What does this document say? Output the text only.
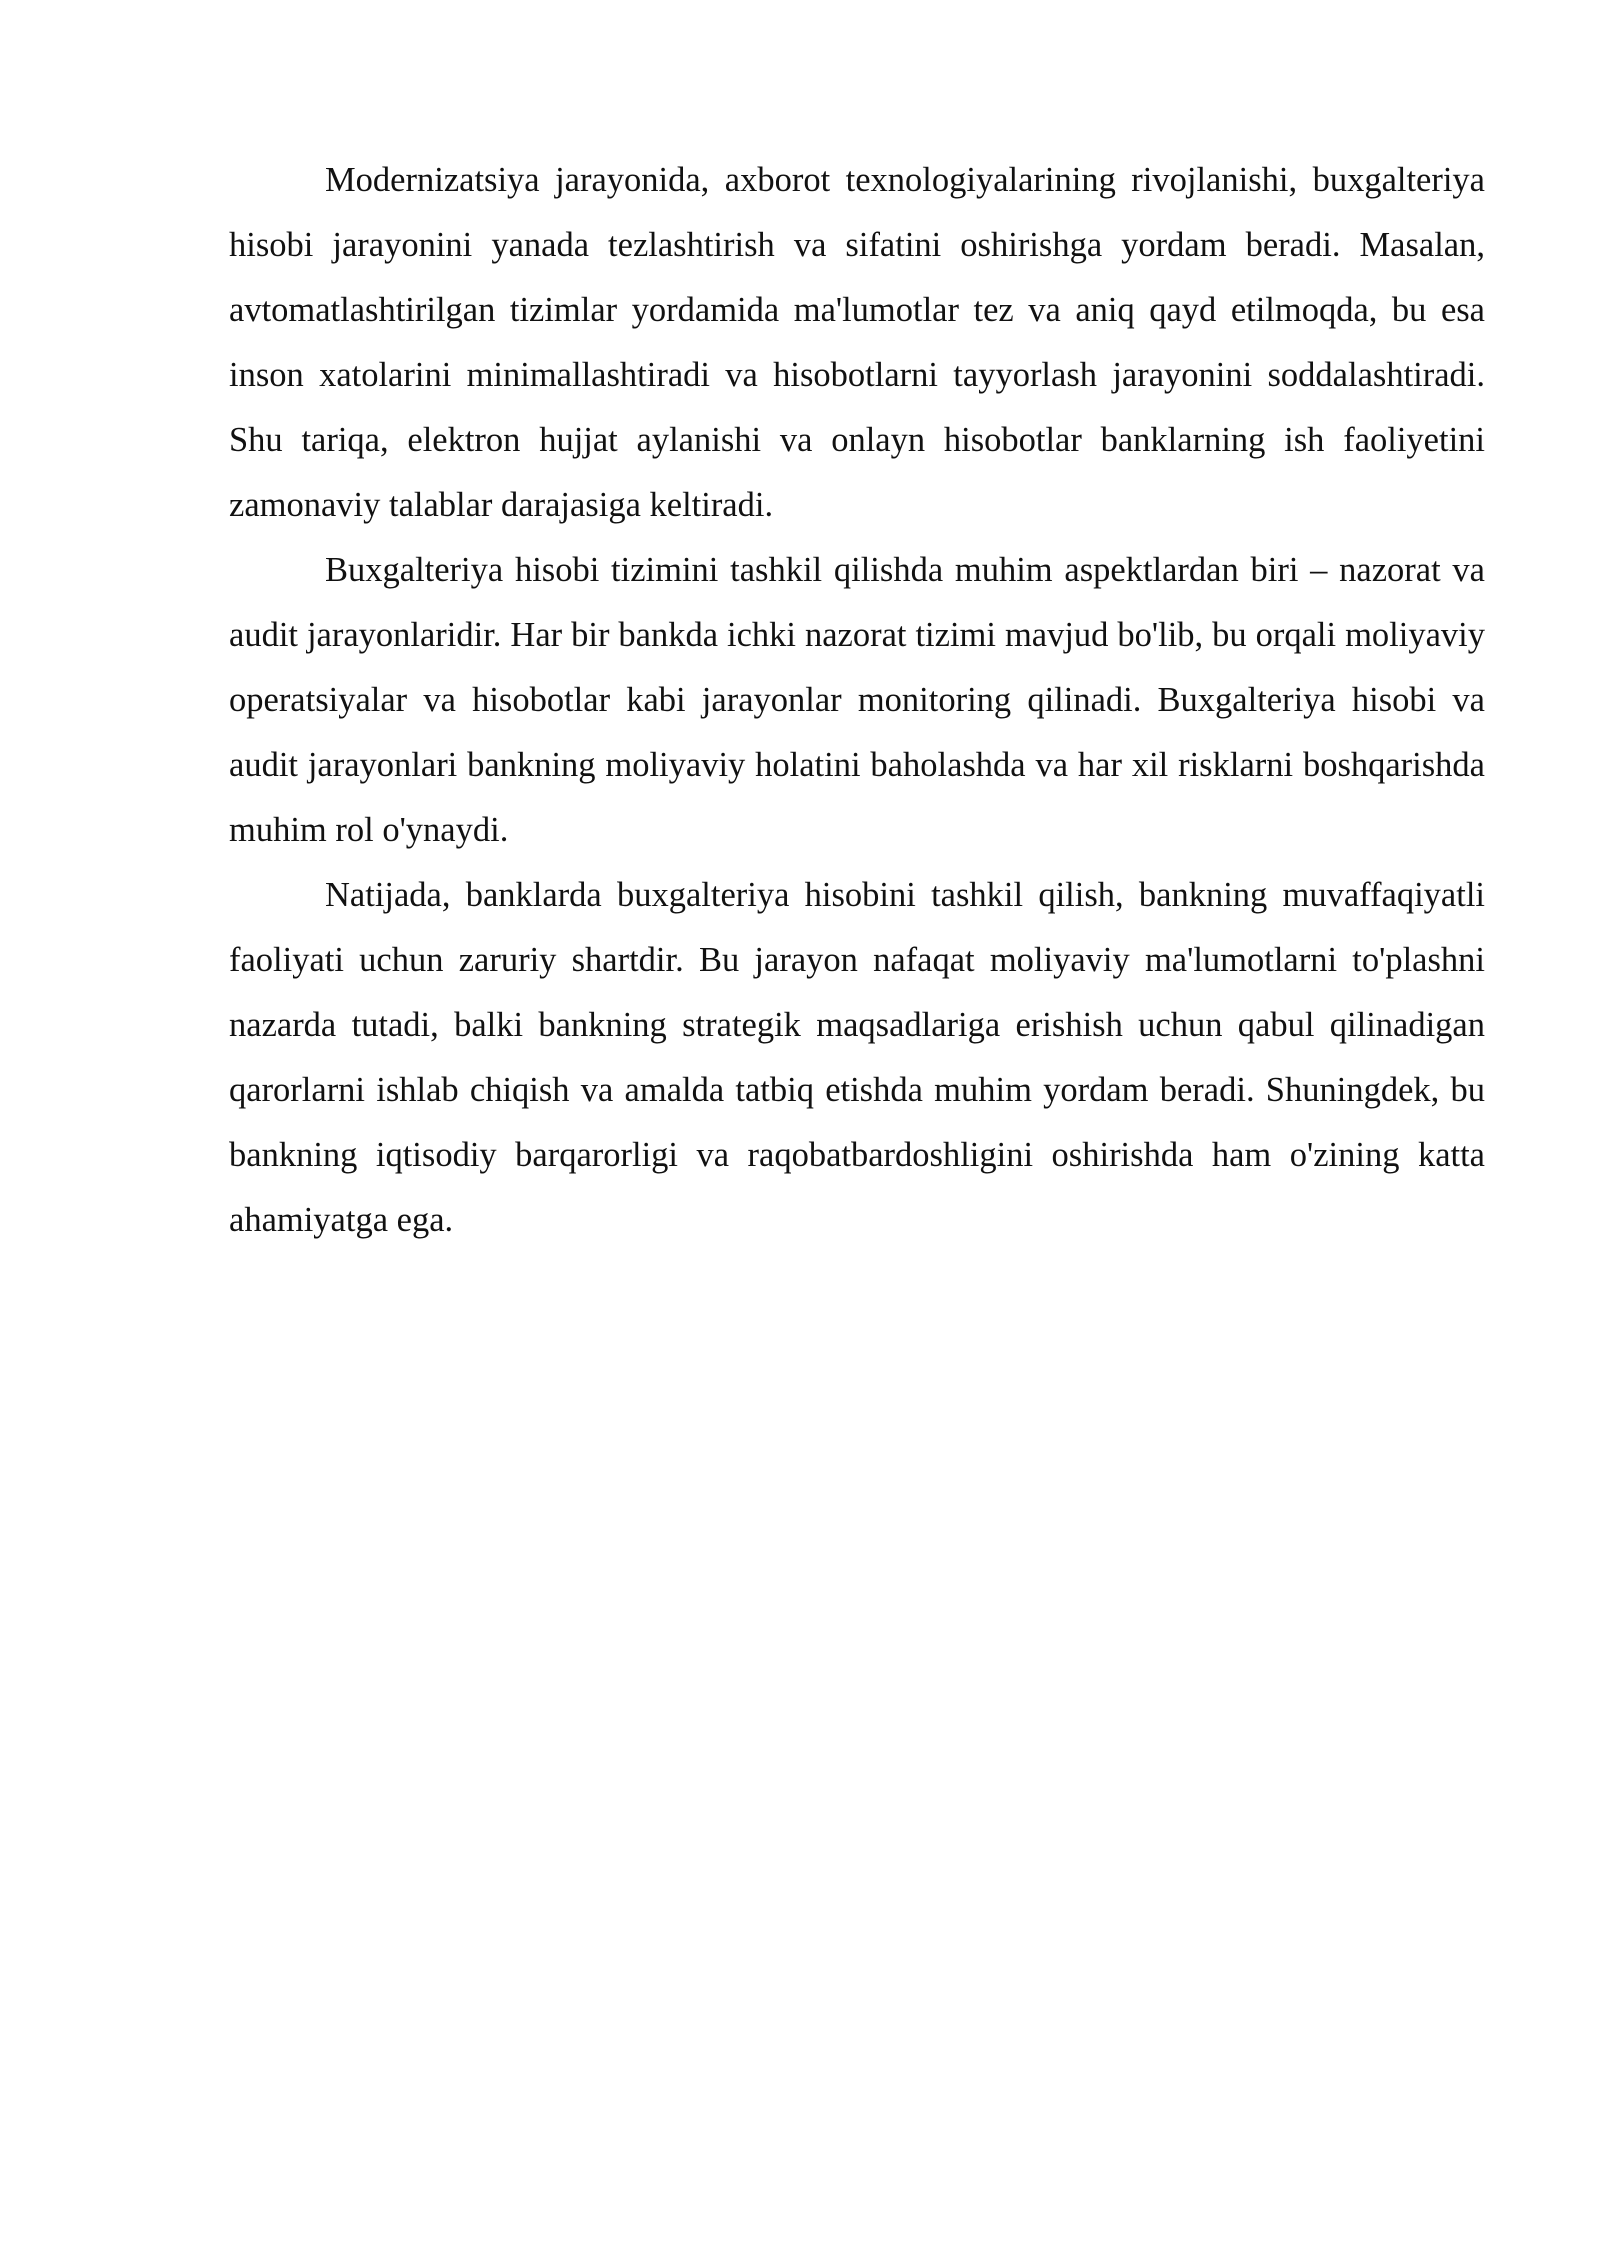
Modernizatsiya jarayonida, axborot texnologiyalarining rivojlanishi, buxgalteriya hisobi jarayonini yanada tezlashtirish va sifatini oshirishga yordam beradi. Masalan, avtomatlashtirilgan tizimlar yordamida ma'lumotlar tez va aniq qayd etilmoqda, bu esa inson xatolarini minimallashtiradi va hisobotlarni tayyorlash jarayonini soddalashtiradi. Shu tariqa, elektron hujjat aylanishi va onlayn hisobotlar banklarning ish faoliyetini zamonaviy talablar darajasiga keltiradi.

Buxgalteriya hisobi tizimini tashkil qilishda muhim aspektlardan biri – nazorat va audit jarayonlaridir. Har bir bankda ichki nazorat tizimi mavjud bo'lib, bu orqali moliyaviy operatsiyalar va hisobotlar kabi jarayonlar monitoring qilinadi. Buxgalteriya hisobi va audit jarayonlari bankning moliyaviy holatini baholashda va har xil risklarni boshqarishda muhim rol o'ynaydi.

Natijada, banklarda buxgalteriya hisobini tashkil qilish, bankning muvaffaqiyatli faoliyati uchun zaruriy shartdir. Bu jarayon nafaqat moliyaviy ma'lumotlarni to'plashni nazarda tutadi, balki bankning strategik maqsadlariga erishish uchun qabul qilinadigan qarorlarni ishlab chiqish va amalda tatbiq etishda muhim yordam beradi. Shuningdek, bu bankning iqtisodiy barqarorligi va raqobatbardoshligini oshirishda ham o'zining katta ahamiyatga ega.
